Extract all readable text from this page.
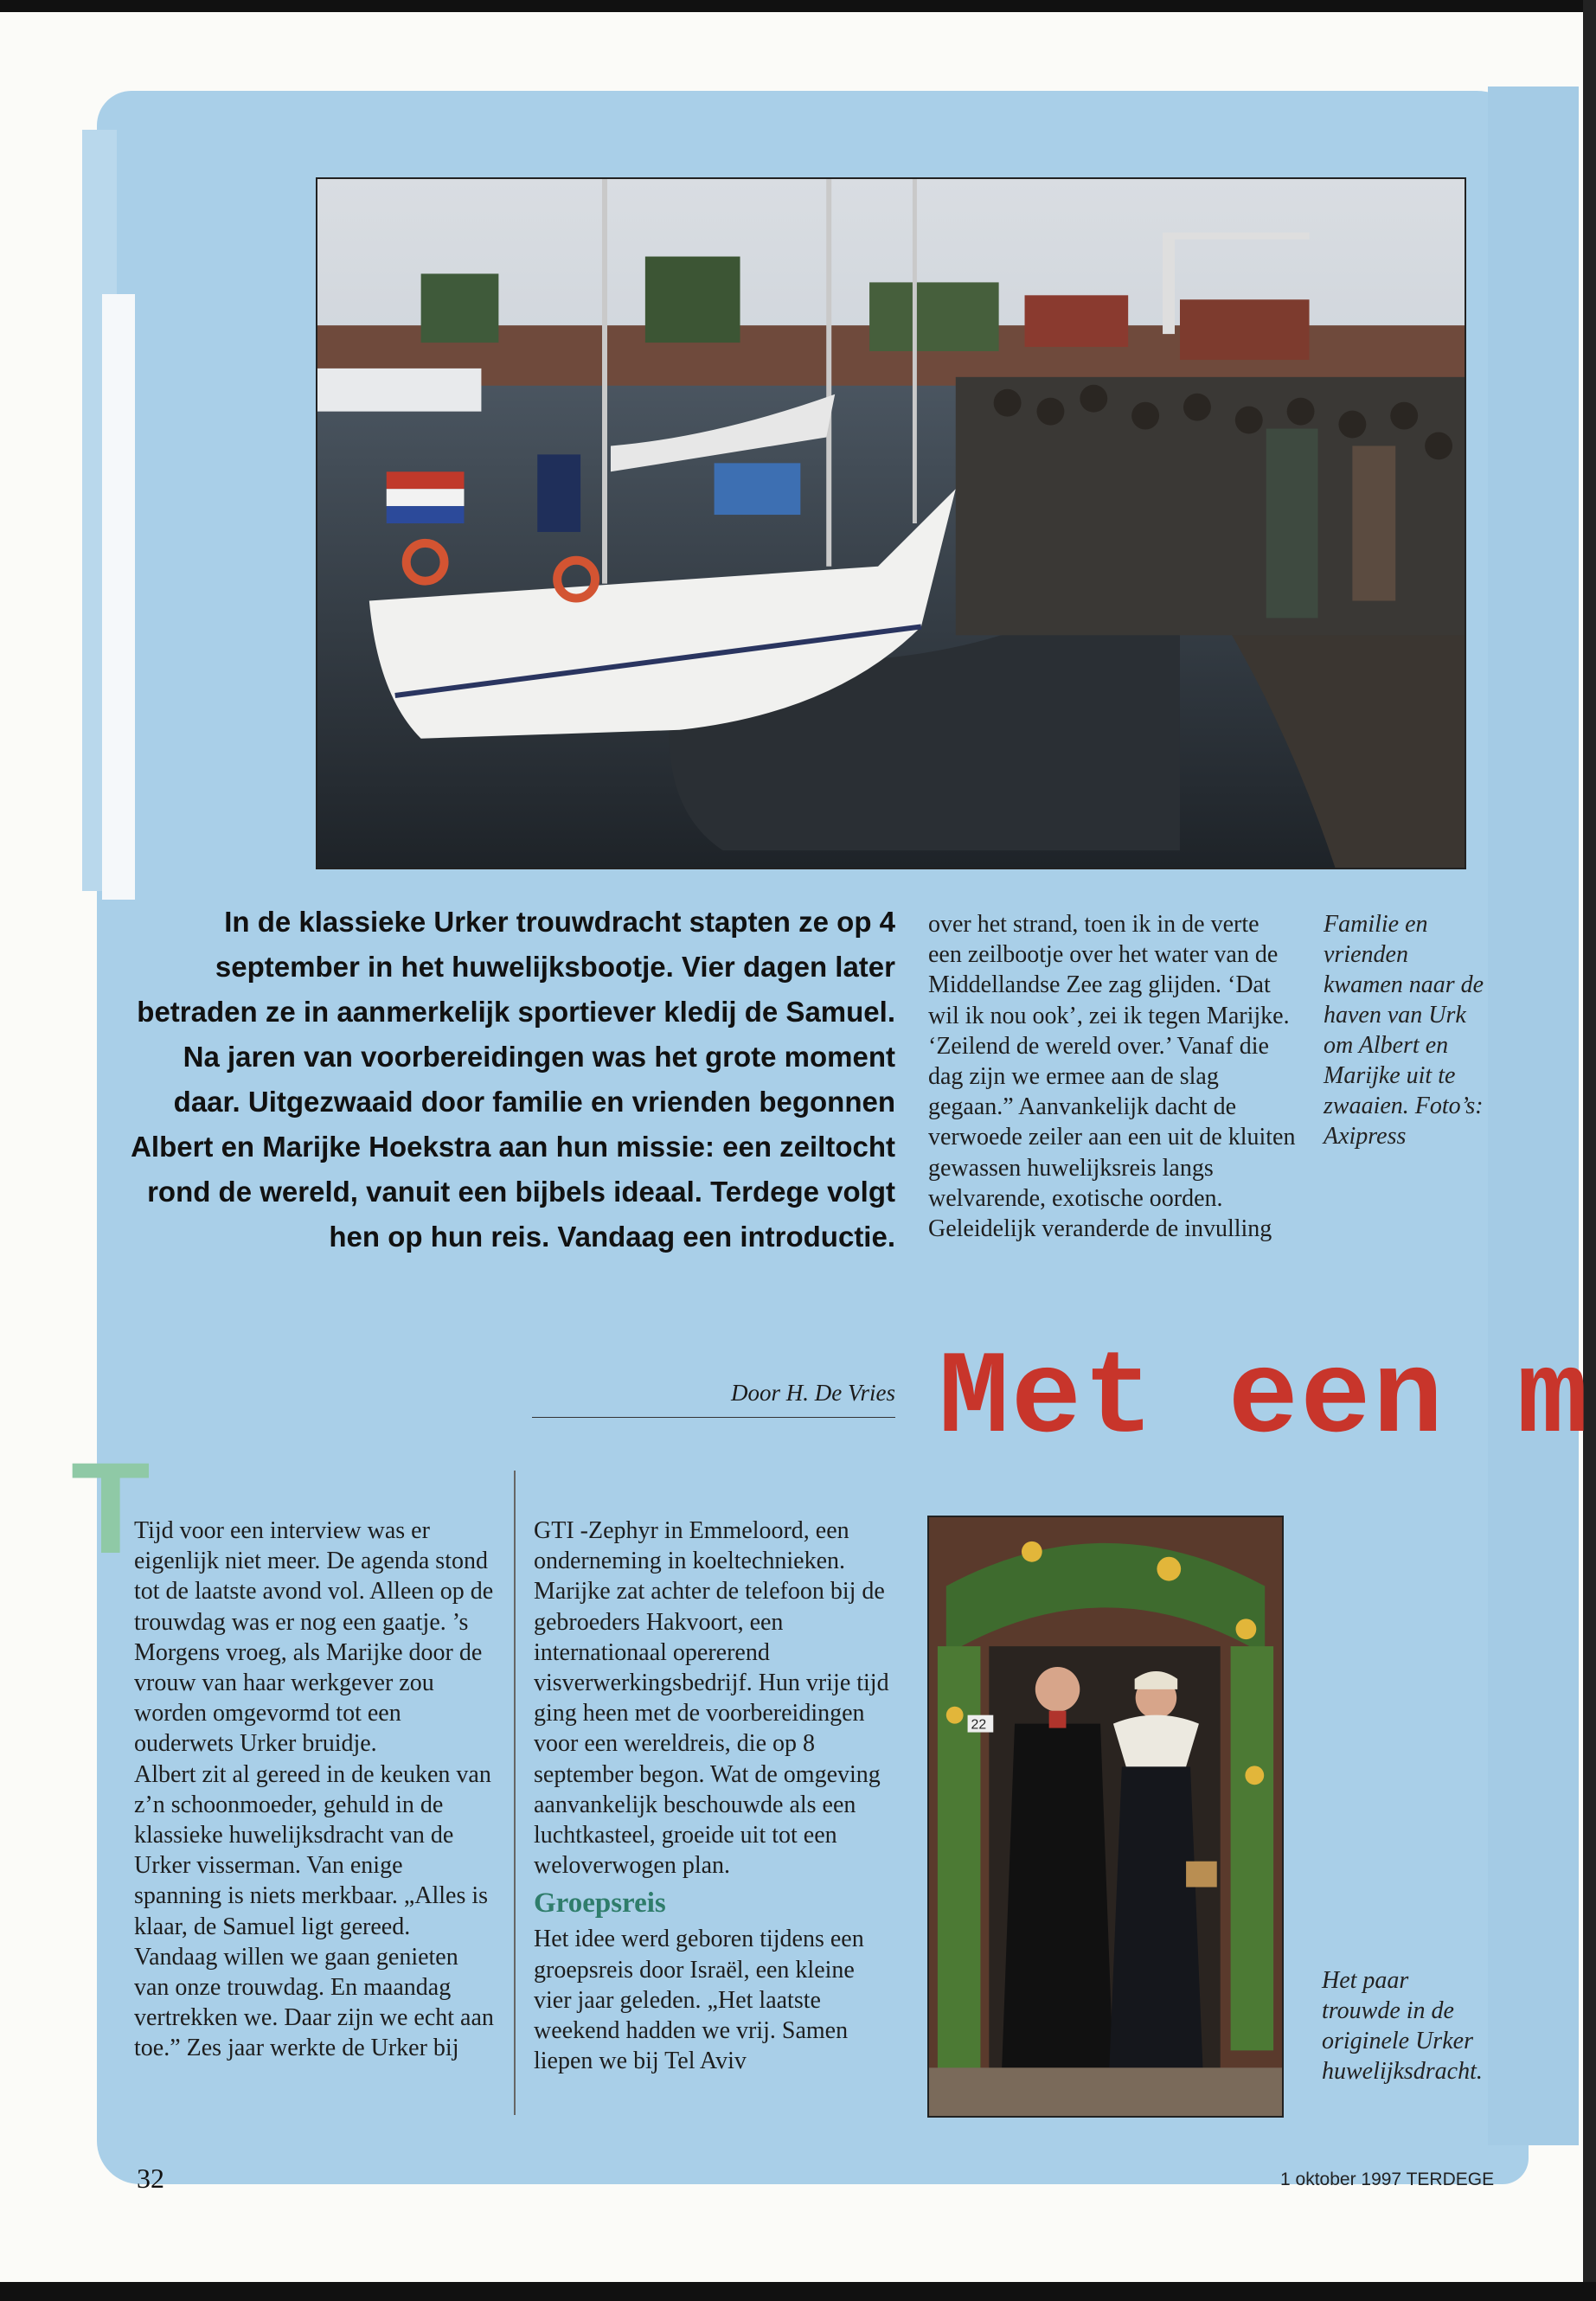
In de klassieke Urker trouwdracht stapten ze op 4 september in het huwelijksbootje. Vier dagen later betraden ze in aanmerkelijk sportiever kledij de Samuel. Na jaren van voorbereidingen was het grote moment daar. Uitgezwaaid door familie en vrienden begonnen Albert en Marijke Hoekstra aan hun missie: een zeiltocht rond de wereld, vanuit een bijbels ideaal. Terdege volgt hen op hun reis. Vandaag een introductie.

over het strand, toen ik in de verte een zeilbootje over het water van de Middellandse Zee zag glijden. ‘Dat wil ik nou ook’, zei ik tegen Marijke. ‘Zeilend de wereld over.’ Vanaf die dag zijn we ermee aan de slag gegaan.” Aanvankelijk dacht de verwoede zeiler aan een uit de kluiten gewassen huwelijksreis langs welvarende, exotische oorden. Geleidelijk veranderde de invulling

Familie en vrienden kwamen naar de haven van Urk om Albert en Marijke uit te zwaaien. Foto’s: Axipress
Door H. De Vries Met een m
T

Tijd voor een interview was er eigenlijk niet meer. De agenda stond tot de laatste avond vol. Alleen op de trouwdag was er nog een gaatje. ’s Morgens vroeg, als Marijke door de vrouw van haar werkgever zou worden omgevormd tot een ouderwets Urker bruidje.

Albert zit al gereed in de keuken van z’n schoonmoeder, gehuld in de klassieke huwelijksdracht van de Urker visserman. Van enige spanning is niets merkbaar. „Alles is klaar, de Samuel ligt gereed. Vandaag willen we gaan genieten van onze trouwdag. En maandag vertrekken we. Daar zijn we echt aan toe.” Zes jaar werkte de Urker bij

GTI -Zephyr in Emmeloord, een onderneming in koeltechnieken. Marijke zat achter de telefoon bij de gebroeders Hakvoort, een internationaal opererend visverwerkingsbedrijf. Hun vrije tijd ging heen met de voorbereidingen voor een wereldreis, die op 8 september begon. Wat de omgeving aanvankelijk beschouwde als een luchtkasteel, groeide uit tot een weloverwogen plan.

Groepsreis

Het idee werd geboren tijdens een groepsreis door Israël, een kleine vier jaar geleden. „Het laatste weekend hadden we vrij. Samen liepen we bij Tel Aviv

22
Het paar trouwde in de originele Urker huwelijksdracht.
32	1 oktober 1997 TERDEGE
